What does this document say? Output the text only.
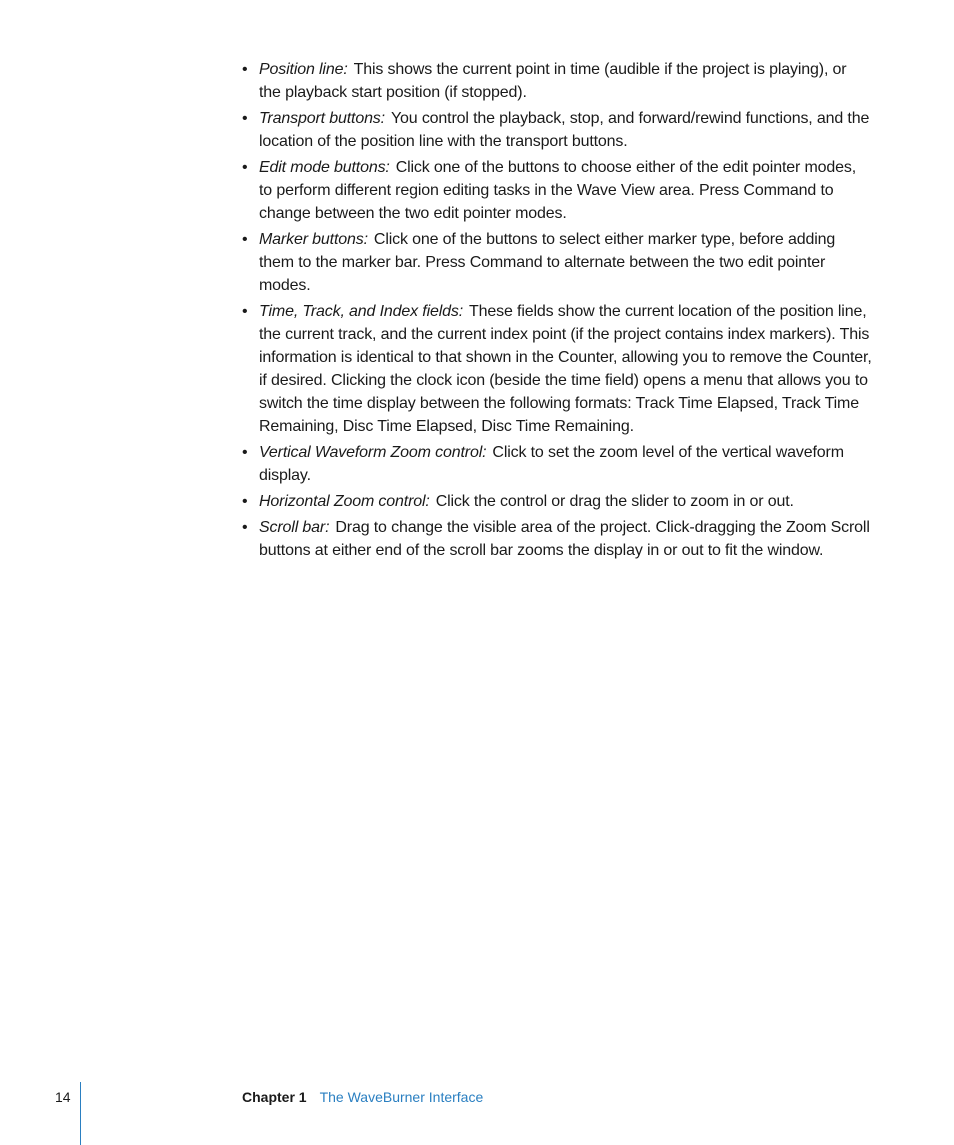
• Position line: This shows the current point in time (audible if the project is playing), or the playback start position (if stopped).
• Transport buttons: You control the playback, stop, and forward/rewind functions, and the location of the position line with the transport buttons.
• Edit mode buttons: Click one of the buttons to choose either of the edit pointer modes, to perform different region editing tasks in the Wave View area. Press Command to change between the two edit pointer modes.
• Marker buttons: Click one of the buttons to select either marker type, before adding them to the marker bar. Press Command to alternate between the two edit pointer modes.
• Time, Track, and Index fields: These fields show the current location of the position line, the current track, and the current index point (if the project contains index markers). This information is identical to that shown in the Counter, allowing you to remove the Counter, if desired. Clicking the clock icon (beside the time field) opens a menu that allows you to switch the time display between the following formats: Track Time Elapsed, Track Time Remaining, Disc Time Elapsed, Disc Time Remaining.
• Vertical Waveform Zoom control: Click to set the zoom level of the vertical waveform display.
• Horizontal Zoom control: Click the control or drag the slider to zoom in or out.
• Scroll bar: Drag to change the visible area of the project. Click-dragging the Zoom Scroll buttons at either end of the scroll bar zooms the display in or out to fit the window.
14	Chapter 1 The WaveBurner Interface
